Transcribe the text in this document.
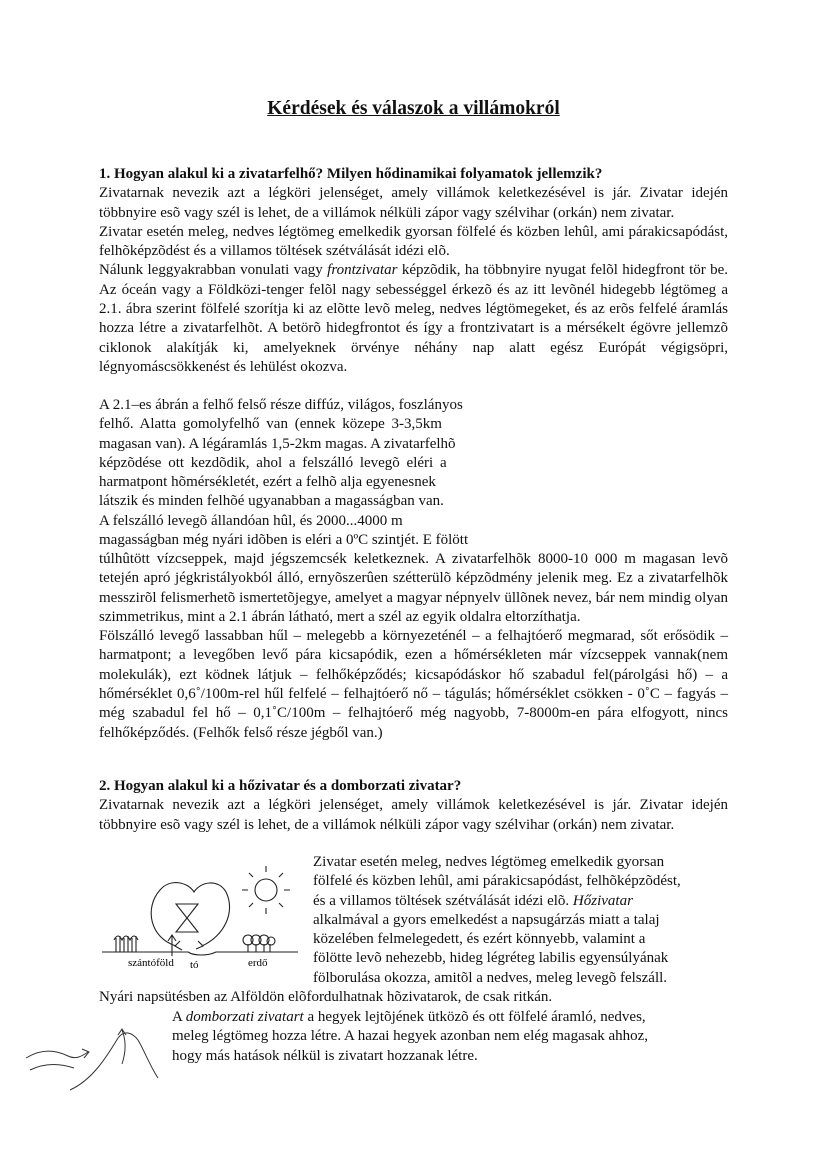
Kérdések és válaszok a villámokról

1. Hogyan alakul ki a zivatarfelhő? Milyen hődinamikai folyamatok jellemzik?

Zivatarnak nevezik azt a légköri jelenséget, amely villámok keletkezésével is jár. Zivatar idején többnyire esõ vagy szél is lehet, de a villámok nélküli zápor vagy szélvihar (orkán) nem zivatar.

Zivatar esetén meleg, nedves légtömeg emelkedik gyorsan fölfelé és közben lehûl, ami párakicsapódást, felhõképzõdést és a villamos töltések szétválását idézi elõ.

Nálunk leggyakrabban vonulati vagy frontzivatar képzõdik, ha többnyire nyugat felõl hidegfront tör be. Az óceán vagy a Földközi-tenger felõl nagy sebességgel érkezõ és az itt levõnél hidegebb légtömeg a 2.1. ábra szerint fölfelé szorítja ki az elõtte levõ meleg, nedves légtömegeket, és az erõs felfelé áramlás hozza létre a zivatarfelhõt. A betörõ hidegfrontot és így a frontzivatart is a mérsékelt égövre jellemzõ ciklonok alakítják ki, amelyeknek örvénye néhány nap alatt egész Európát végigsöpri, légnyomáscsökkenést és lehülést okozva.

A 2.1–es ábrán a felhő felső része diffúz, világos, foszlányos
felhő. Alatta gomolyfelhő van (ennek közepe 3-3,5km
magasan van). A légáramlás 1,5-2km magas. A zivatarfelhõ
képzõdése ott kezdõdik, ahol a felszálló levegõ eléri a
harmatpont hõmérsékletét, ezért a felhõ alja egyenesnek
látszik és minden felhõé ugyanabban a magasságban van.
A felszálló levegõ állandóan hûl, és 2000...4000 m
magasságban még nyári idõben is eléri a 0ºC szintjét. E fölött

túlhûtött vízcseppek, majd jégszemcsék keletkeznek. A zivatarfelhõk 8000-10 000 m magasan levõ tetején apró jégkristályokból álló, ernyõszerûen szétterülõ képzõdmény jelenik meg. Ez a zivatarfelhõk messzirõl felismerhetõ ismertetõjegye, amelyet a magyar népnyelv üllõnek nevez, bár nem mindig olyan szimmetrikus, mint a 2.1 ábrán látható, mert a szél az egyik oldalra eltorzíthatja.

Fölszálló levegő lassabban hűl – melegebb a környezeténél – a felhajtóerő megmarad, sőt erősödik – harmatpont; a levegőben levő pára kicsapódik, ezen a hőmérsékleten már vízcseppek vannak(nem molekulák), ezt ködnek látjuk – felhőképződés; kicsapódáskor hő szabadul fel(párolgási hő) – a hőmérséklet 0,6˚/100m-rel hűl felfelé – felhajtóerő nő – tágulás; hőmérséklet csökken - 0˚C – fagyás – még szabadul fel hő – 0,1˚C/100m – felhajtóerő még nagyobb, 7-8000m-en pára elfogyott, nincs felhőképződés. (Felhők felső része jégből van.)

2. Hogyan alakul ki a hőzivatar és a domborzati zivatar?

Zivatarnak nevezik azt a légköri jelenséget, amely villámok keletkezésével is jár. Zivatar idején többnyire esõ vagy szél is lehet, de a villámok nélküli zápor vagy szélvihar (orkán) nem zivatar.

szántóföld tó	erdő
Zivatar esetén meleg, nedves légtömeg emelkedik gyorsan
fölfelé és közben lehûl, ami párakicsapódást, felhõképzõdést,
és a villamos töltések szétválását idézi elõ. Hőzivatar
alkalmával a gyors emelkedést a napsugárzás miatt a talaj
közelében felmelegedett, és ezért könnyebb, valamint a
fölötte levõ nehezebb, hideg légréteg labilis egyensúlyának
fölborulása okozza, amitõl a nedves, meleg levegõ felszáll.
Nyári napsütésben az Alföldön elõfordulhatnak hõzivatarok, de csak ritkán.
A domborzati zivatart a hegyek lejtõjének ütközõ és ott fölfelé áramló, nedves,
meleg légtömeg hozza létre. A hazai hegyek azonban nem elég magasak ahhoz,
hogy más hatások nélkül is zivatart hozzanak létre.
